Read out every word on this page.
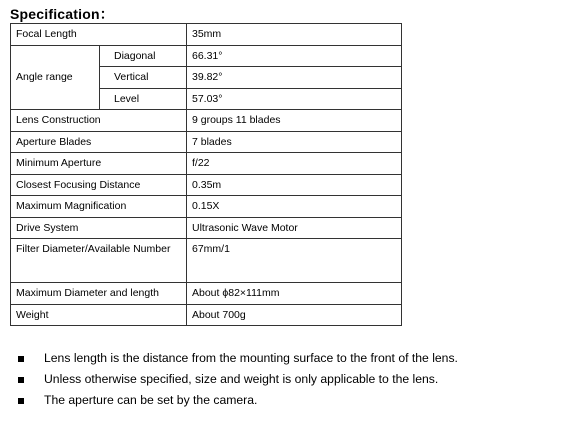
Specification：
Focal Length		35mm
Angle range	Diagonal	66.31°
	Vertical	39.82°
	Level	57.03°
Lens Construction		9 groups 11 blades
Aperture Blades		7 blades
Minimum Aperture		f/22
Closest Focusing Distance		0.35m
Maximum Magnification		0.15X
Drive System		Ultrasonic Wave Motor

Filter Diameter/Available Number		67mm/1
Maximum Diameter and length		About ϕ82×111mm
Weight		About 700g
Lens length is the distance from the mounting surface to the front of the lens.
Unless otherwise specified, size and weight is only applicable to the lens.
The aperture can be set by the camera.
